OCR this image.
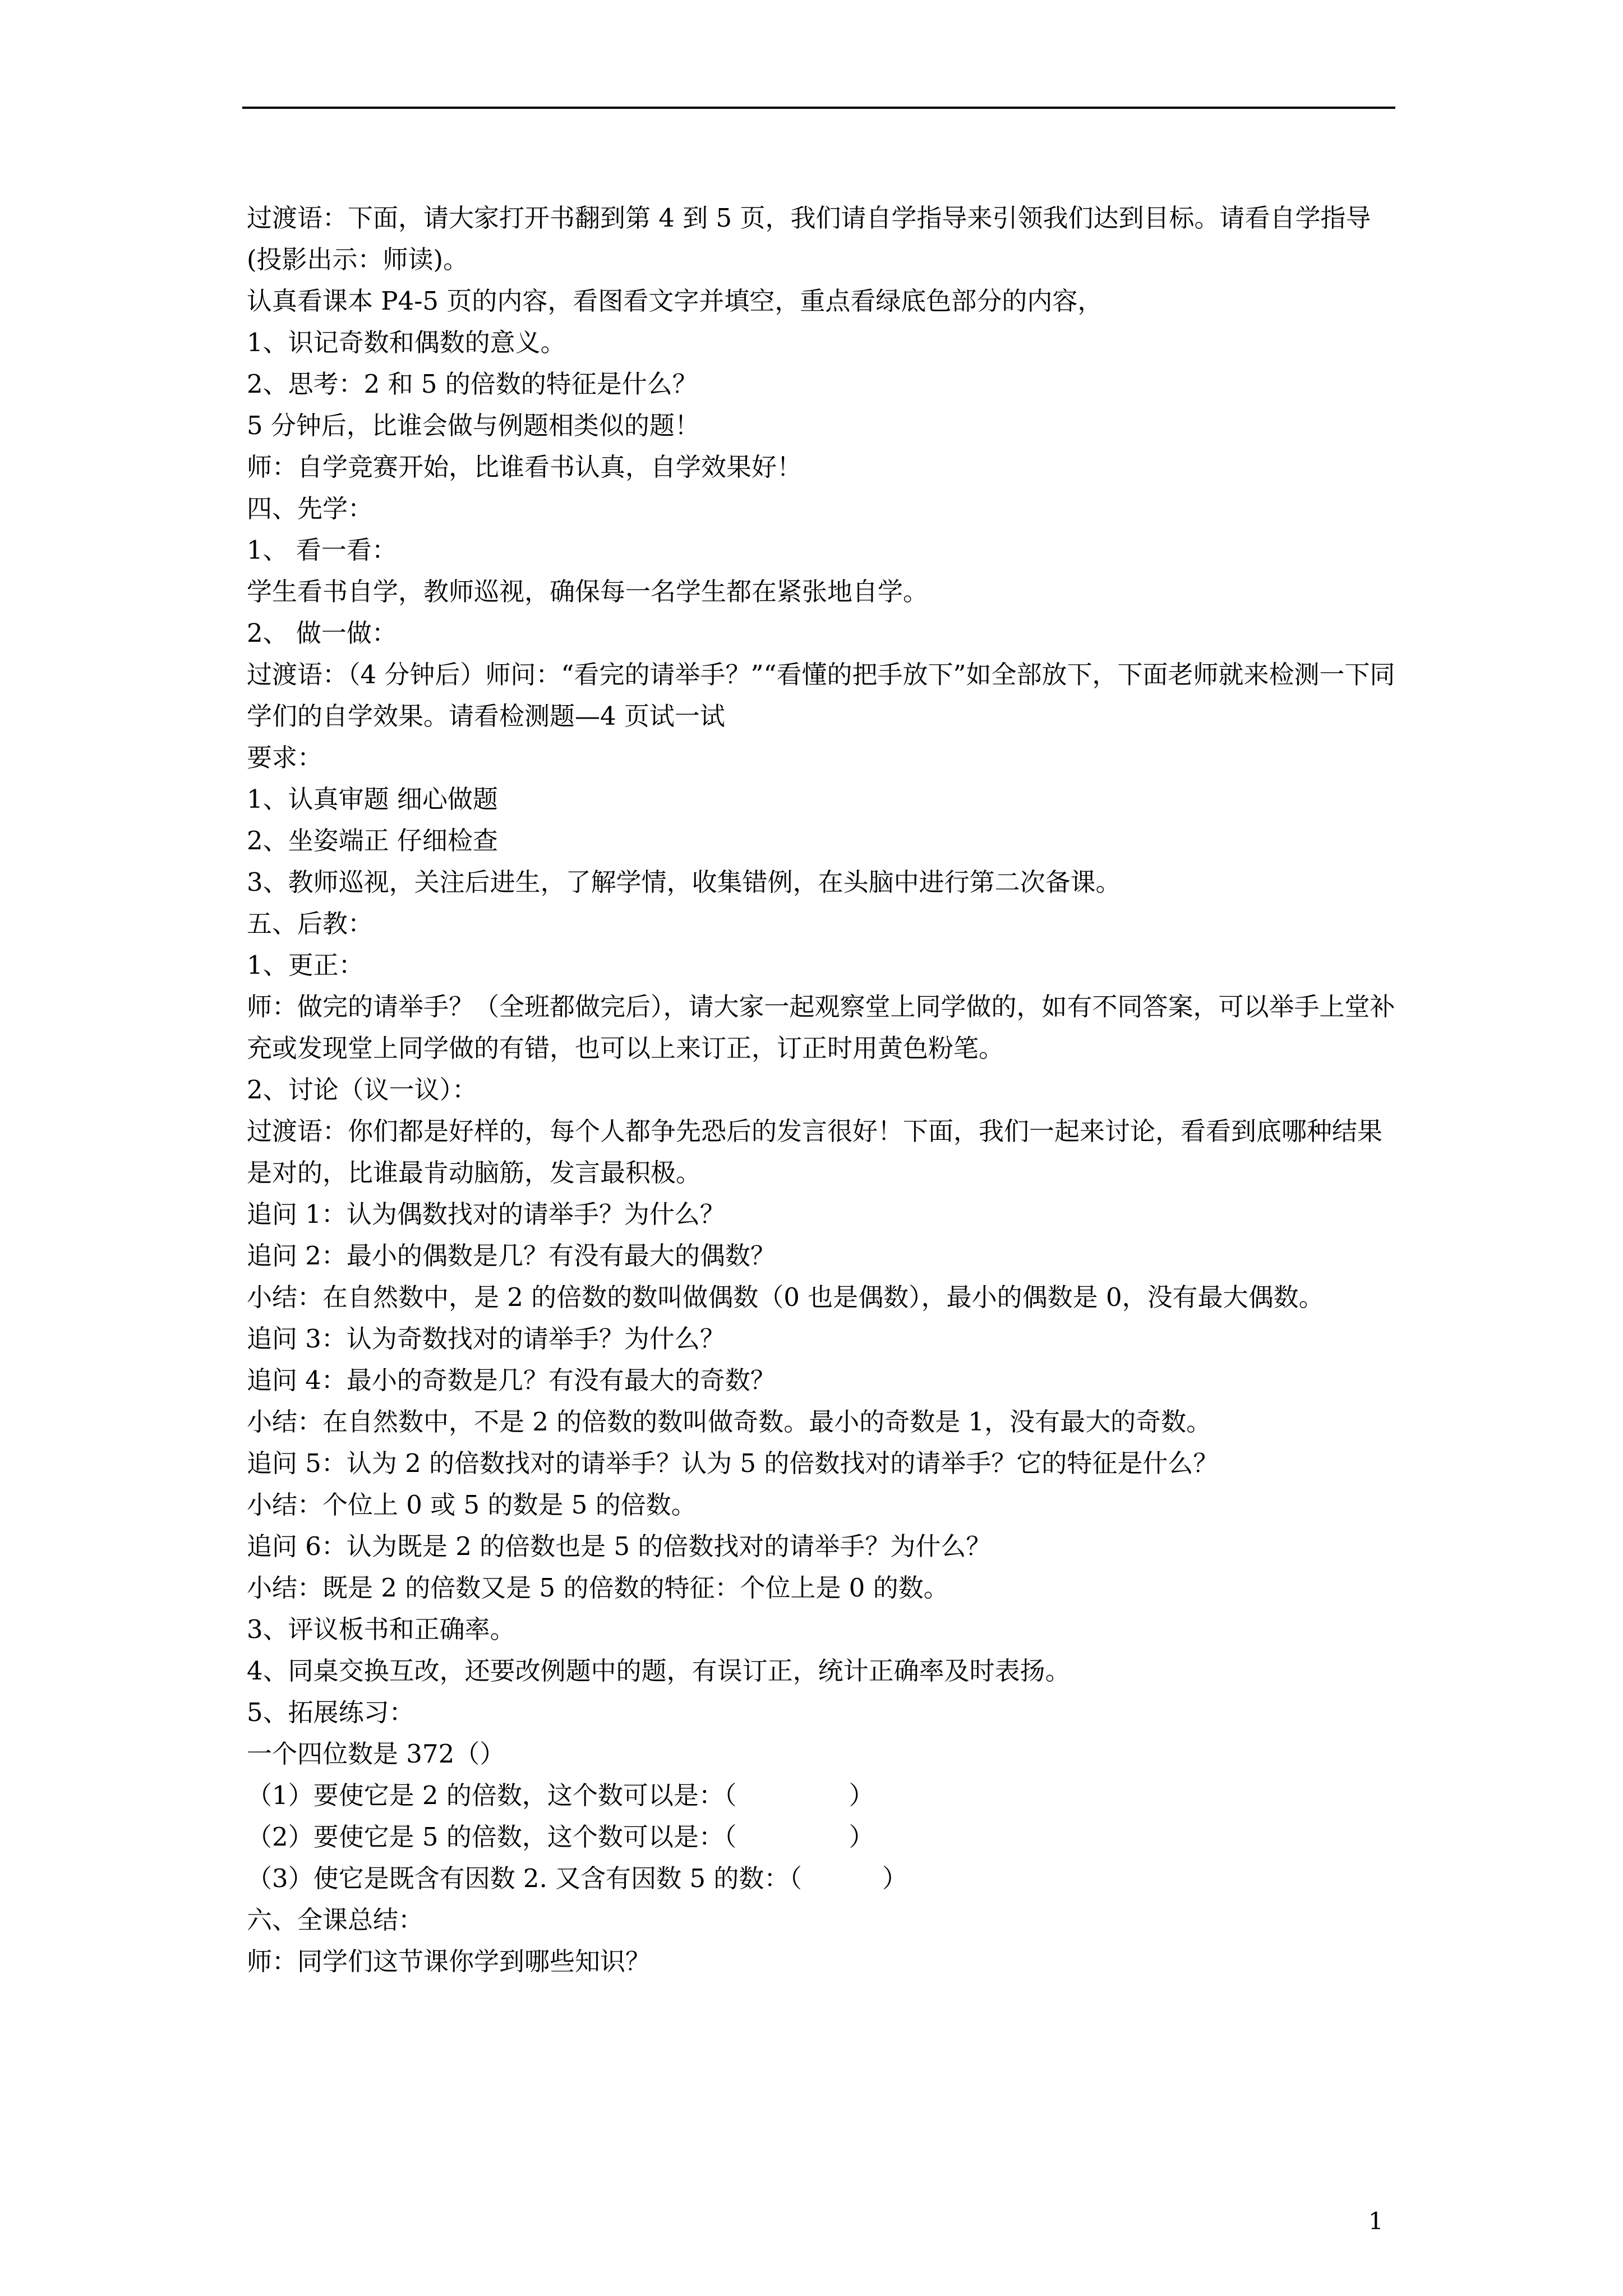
过渡语：下面，请大家打开书翻到第 4 到 5 页，我们请自学指导来引领我们达到目标。请看自学指导(投影出示：师读)。

认真看课本 P4-5 页的内容，看图看文字并填空，重点看绿底色部分的内容，

1、识记奇数和偶数的意义。

2、思考：2 和 5 的倍数的特征是什么？

5 分钟后，比谁会做与例题相类似的题！

师：自学竞赛开始，比谁看书认真，自学效果好！

四、先学：

1、 看一看：

学生看书自学，教师巡视，确保每一名学生都在紧张地自学。

2、 做一做：

过渡语：（4 分钟后）师问：“看完的请举手？”“看懂的把手放下”如全部放下，下面老师就来检测一下同学们的自学效果。请看检测题—4 页试一试

要求：

1、认真审题 细心做题

2、坐姿端正 仔细检查

3、教师巡视，关注后进生，了解学情，收集错例，在头脑中进行第二次备课。

五、后教：

1、更正：

师：做完的请举手？（全班都做完后），请大家一起观察堂上同学做的，如有不同答案，可以举手上堂补充或发现堂上同学做的有错，也可以上来订正，订正时用黄色粉笔。

2、讨论（议一议）：

过渡语：你们都是好样的，每个人都争先恐后的发言很好！下面，我们一起来讨论，看看到底哪种结果是对的，比谁最肯动脑筋，发言最积极。

追问 1：认为偶数找对的请举手？为什么？

追问 2：最小的偶数是几？有没有最大的偶数？

小结：在自然数中，是 2 的倍数的数叫做偶数（0 也是偶数），最小的偶数是 0，没有最大偶数。

追问 3：认为奇数找对的请举手？为什么？

追问 4：最小的奇数是几？有没有最大的奇数？

小结：在自然数中，不是 2 的倍数的数叫做奇数。最小的奇数是 1，没有最大的奇数。

追问 5：认为 2 的倍数找对的请举手？认为 5 的倍数找对的请举手？它的特征是什么？

小结：个位上 0 或 5 的数是 5 的倍数。

追问 6：认为既是 2 的倍数也是 5 的倍数找对的请举手？为什么？

小结：既是 2 的倍数又是 5 的倍数的特征：个位上是 0 的数。

3、评议板书和正确率。

4、同桌交换互改，还要改例题中的题，有误订正，统计正确率及时表扬。

5、拓展练习：

一个四位数是 372（）

（1）要使它是 2 的倍数，这个数可以是：（              ）

（2）要使它是 5 的倍数，这个数可以是：（              ）

（3）使它是既含有因数 2. 又含有因数 5 的数：（          ）

六、全课总结：

师：同学们这节课你学到哪些知识？

1
